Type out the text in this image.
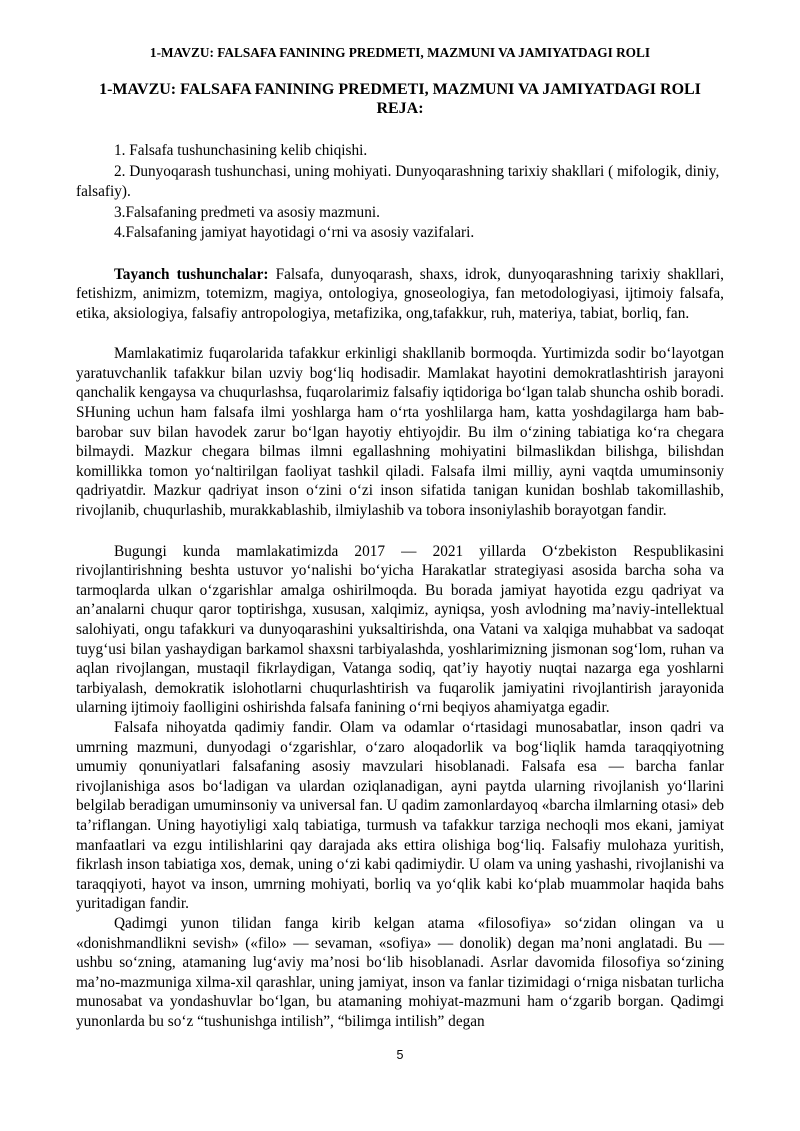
1-MAVZU: FALSAFA FANINING PREDMETI, MAZMUNI VA JAMIYATDAGI ROLI
1-MAVZU: FALSAFA FANINING PREDMETI, MAZMUNI VA JAMIYATDAGI ROLI
REJA:
1. Falsafa tushunchasining kelib chiqishi.
2. Dunyoqarash tushunchasi, uning mohiyati. Dunyoqarashning tarixiy shakllari ( mifologik, diniy, falsafiy).
3.Falsafaning predmeti va asosiy mazmuni.
4.Falsafaning jamiyat hayotidagi o‘rni va asosiy vazifalari.

Tayanch tushunchalar: Falsafa, dunyoqarash, shaxs, idrok, dunyoqarashning tarixiy shakllari, fetishizm, animizm, totemizm, magiya, ontologiya, gnoseologiya, fan metodologiyasi, ijtimoiy falsafa, etika, aksiologiya, falsafiy antropologiya, metafizika, ong,tafakkur, ruh, materiya, tabiat, borliq, fan.

Mamlakatimiz fuqarolarida tafakkur erkinligi shakllanib bormoqda. Yurtimizda sodir bo‘layotgan yaratuvchanlik tafakkur bilan uzviy bog‘liq hodisadir. Mamlakat hayotini demokratlashtirish jarayoni qanchalik kengaysa va chuqurlashsa, fuqarolarimiz falsafiy iqtidoriga bo‘lgan talab shuncha oshib boradi. SHuning uchun ham falsafa ilmi yoshlarga ham o‘rta yoshlilarga ham, katta yoshdagilarga ham bab-barobar suv bilan havodek zarur bo‘lgan hayotiy ehtiyojdir. Bu ilm o‘zining tabiatiga ko‘ra chegara bilmaydi. Mazkur chegara bilmas ilmni egallashning mohiyatini bilmaslikdan bilishga, bilishdan komillikka tomon yo‘naltirilgan faoliyat tashkil qiladi. Falsafa ilmi milliy, ayni vaqtda umuminsoniy qadriyatdir. Mazkur qadriyat inson o‘zini o‘zi inson sifatida tanigan kunidan boshlab takomillashib, rivojlanib, chuqurlashib, murakkablashib, ilmiylashib va tobora insoniylashib borayotgan fandir.

Bugungi kunda mamlakatimizda 2017 — 2021 yillarda O‘zbekiston Respublikasini rivojlantirishning beshta ustuvor yo‘nalishi bo‘yicha Harakatlar strategiyasi asosida barcha soha va tarmoqlarda ulkan o‘zgarishlar amalga oshirilmoqda. Bu borada jamiyat hayotida ezgu qadriyat va an’analarni chuqur qaror toptirishga, xususan, xalqimiz, ayniqsa, yosh avlodning ma’naviy-intellektual salohiyati, ongu tafakkuri va dunyoqarashini yuksaltirishda, ona Vatani va xalqiga muhabbat va sadoqat tuyg‘usi bilan yashaydigan barkamol shaxsni tarbiyalashda, yoshlarimizning jismonan sog‘lom, ruhan va aqlan rivojlangan, mustaqil fikrlaydigan, Vatanga sodiq, qat’iy hayotiy nuqtai nazarga ega yoshlarni tarbiyalash, demokratik islohotlarni chuqurlashtirish va fuqarolik jamiyatini rivojlantirish jarayonida ularning ijtimoiy faolligini oshirishda falsafa fanining o‘rni beqiyos ahamiyatga egadir.

Falsafa nihoyatda qadimiy fandir. Olam va odamlar o‘rtasidagi munosabatlar, inson qadri va umrning mazmuni, dunyodagi o‘zgarishlar, o‘zaro aloqadorlik va bog‘liqlik hamda taraqqiyotning umumiy qonuniyatlari falsafaning asosiy mavzulari hisoblanadi. Falsafa esa — barcha fanlar rivojlanishiga asos bo‘ladigan va ulardan oziqlanadigan, ayni paytda ularning rivojlanish yo‘llarini belgilab beradigan umuminsoniy va universal fan. U qadim zamonlardayoq «barcha ilmlarning otasi» deb ta’riflangan. Uning hayotiyligi xalq tabiatiga, turmush va tafakkur tarziga nechoqli mos ekani, jamiyat manfaatlari va ezgu intilishlarini qay darajada aks ettira olishiga bog‘liq. Falsafiy mulohaza yuritish, fikrlash inson tabiatiga xos, demak, uning o‘zi kabi qadimiydir. U olam va uning yashashi, rivojlanishi va taraqqiyoti, hayot va inson, umrning mohiyati, borliq va yo‘qlik kabi ko‘plab muammolar haqida bahs yuritadigan fandir.

Qadimgi yunon tilidan fanga kirib kelgan atama «filosofiya» so‘zidan olingan va u «donishmandlikni sevish» («filo» — sevaman, «sofiya» — donolik) degan ma’noni anglatadi. Bu — ushbu so‘zning, atamaning lug‘aviy ma’nosi bo‘lib hisoblanadi. Asrlar davomida filosofiya so‘zining ma’no-mazmuniga xilma-xil qarashlar, uning jamiyat, inson va fanlar tizimidagi o‘rniga nisbatan turlicha munosabat va yondashuvlar bo‘lgan, bu atamaning mohiyat-mazmuni ham o‘zgarib borgan. Qadimgi yunonlarda bu so‘z “tushunishga intilish”, “bilimga intilish” degan

5
